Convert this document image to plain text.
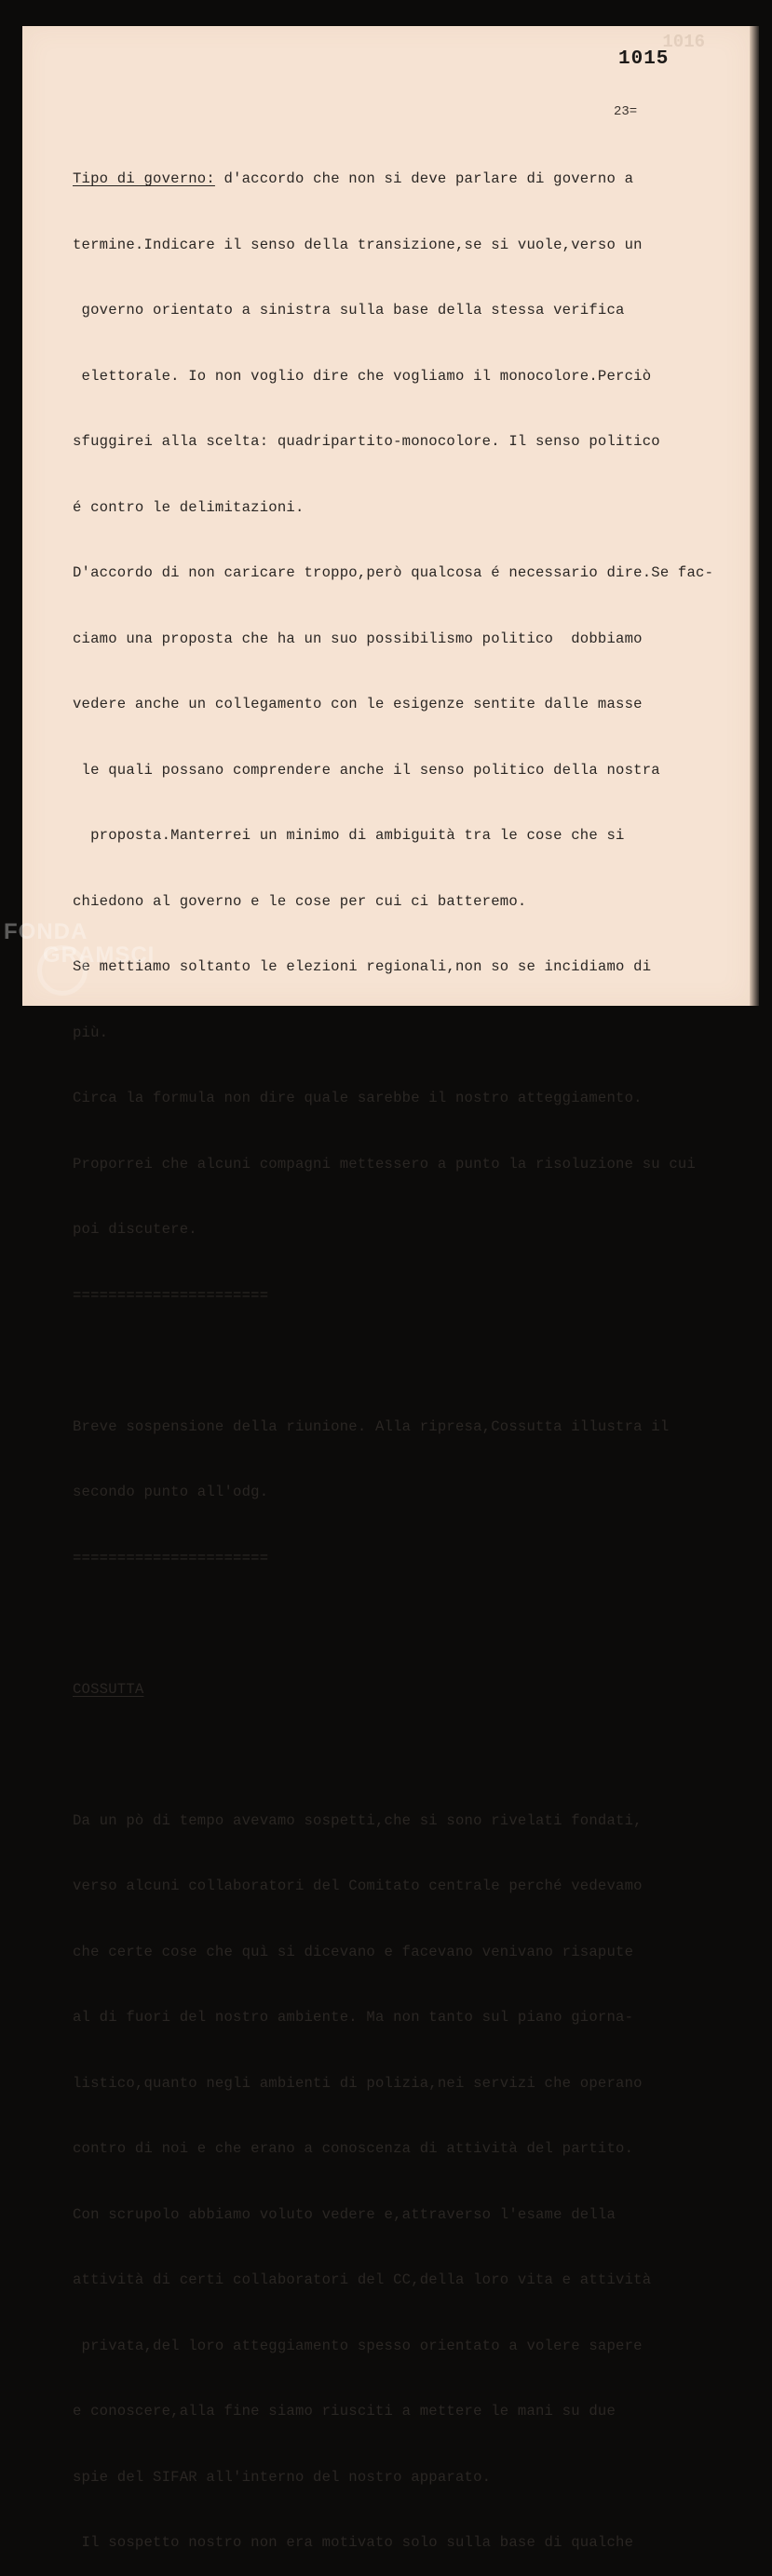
1016
1015
23=

Tipo di governo: d'accordo che non si deve parlare di governo a

termine.Indicare il senso della transizione,se si vuole,verso un

governo orientato a sinistra sulla base della stessa verifica

elettorale. Io non voglio dire che vogliamo il monocolore.Perciò

sfuggirei alla scelta: quadripartito-monocolore. Il senso politico

é contro le delimitazioni.

D'accordo di non caricare troppo,però qualcosa é necessario dire.Se fac-

ciamo una proposta che ha un suo possibilismo politico  dobbiamo

vedere anche un collegamento con le esigenze sentite dalle masse

le quali possano comprendere anche il senso politico della nostra

proposta.Manterrei un minimo di ambiguità tra le cose che si

chiedono al governo e le cose per cui ci batteremo.

Se mettiamo soltanto le elezioni regionali,non so se incidiamo di

più.

Circa la formula non dire quale sarebbe il nostro atteggiamento.

Proporrei che alcuni compagni mettessero a punto la risoluzione su cui

poi discutere.

======================

Breve sospensione della riunione. Alla ripresa,Cossutta illustra il

secondo punto all'odg.

======================

COSSUTTA

Da un pò di tempo avevamo sospetti,che si sono rivelati fondati,

verso alcuni collaboratori del Comitato centrale perché vedevamo

che certe cose che quì si dicevano e facevano venivano risapute

al di fuori del nostro ambiente. Ma non tanto sul piano giorna-

listico,quanto negli ambienti di polizia,nei servizi che operano

contro di noi e che erano a conoscenza di attività del partito.

Con scrupolo abbiamo voluto vedere e,attraverso l'esame della

attività di certi collaboratori del CC,della loro vita e attività

privata,del loro atteggiamento spesso orientato a volere sapere

e conoscere,alla fine siamo riusciti a mettere le mani su due

spie del SIFAR all'interno del nostro apparato.

Il sospetto nostro non era motivato solo sulla base di qualche

FONDA
GRAMSCI
